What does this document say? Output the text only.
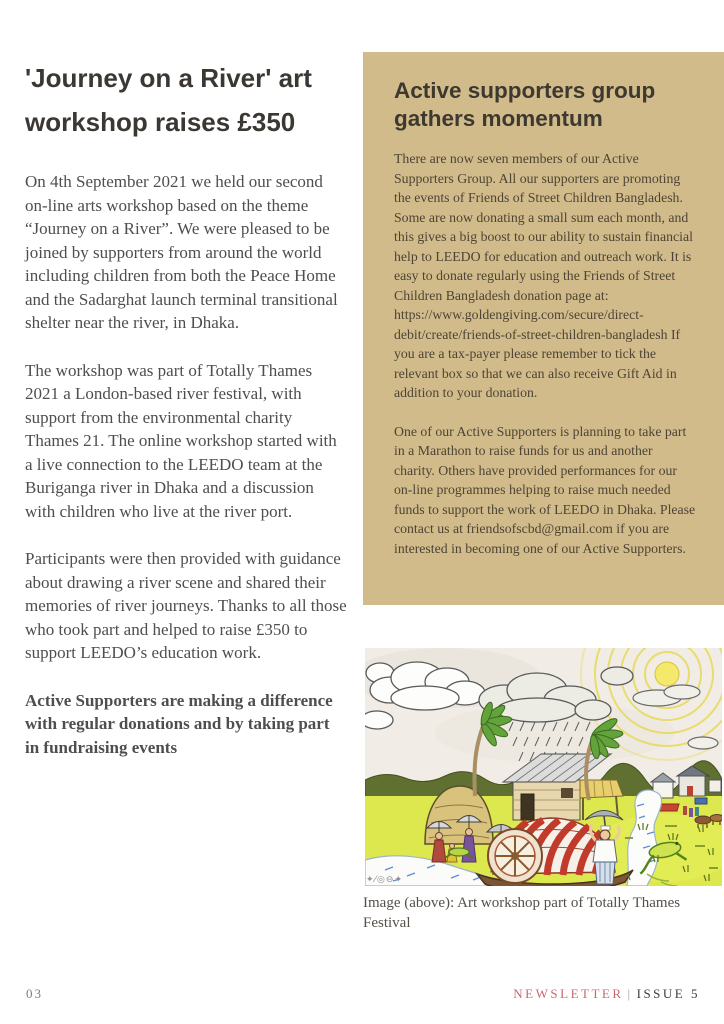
'Journey on a River' art
workshop raises £350

On 4th September 2021 we held our second on-line arts workshop based on the theme “Journey on a River”. We were pleased to be joined by supporters from around the world including children from both the Peace Home and the Sadarghat launch terminal transitional shelter near the river, in Dhaka.

The workshop was part of Totally Thames 2021 a London-based river festival, with support from the environmental charity Thames 21. The online workshop started with a live connection to the LEEDO team at the Buriganga river in Dhaka and a discussion with children who live at the river port.

Participants were then provided with guidance about drawing a river scene and shared their memories of river journeys. Thanks to all those who took part and helped to raise £350 to support LEEDO’s education work.

Active Supporters are making a difference with regular donations and by taking part in fundraising events

Active supporters group
gathers momentum

There are now seven members of our Active Supporters Group. All our supporters are promoting the events of Friends of Street Children Bangladesh. Some are now donating a small sum each month, and this gives a big boost to our ability to sustain financial help to LEEDO for education and outreach work. It is easy to donate regularly using the Friends of Street Children Bangladesh donation page at: https://www.goldengiving.com/secure/direct-debit/create/friends-of-street-children-bangladesh If you are a tax-payer please remember to tick the relevant box so that we can also receive Gift Aid in addition to your donation.

One of our Active Supporters is planning to take part in a Marathon to raise funds for us and another charity. Others have provided performances for our on-line programmes helping to raise much needed funds to support the work of LEEDO in Dhaka. Please contact us at friendsofscbd@gmail.com if you are interested in becoming one of our Active Supporters.

✦⁄◎⊖✦
Image (above): Art workshop part of Totally Thames Festival
03	NEWSLETTER | ISSUE 5
